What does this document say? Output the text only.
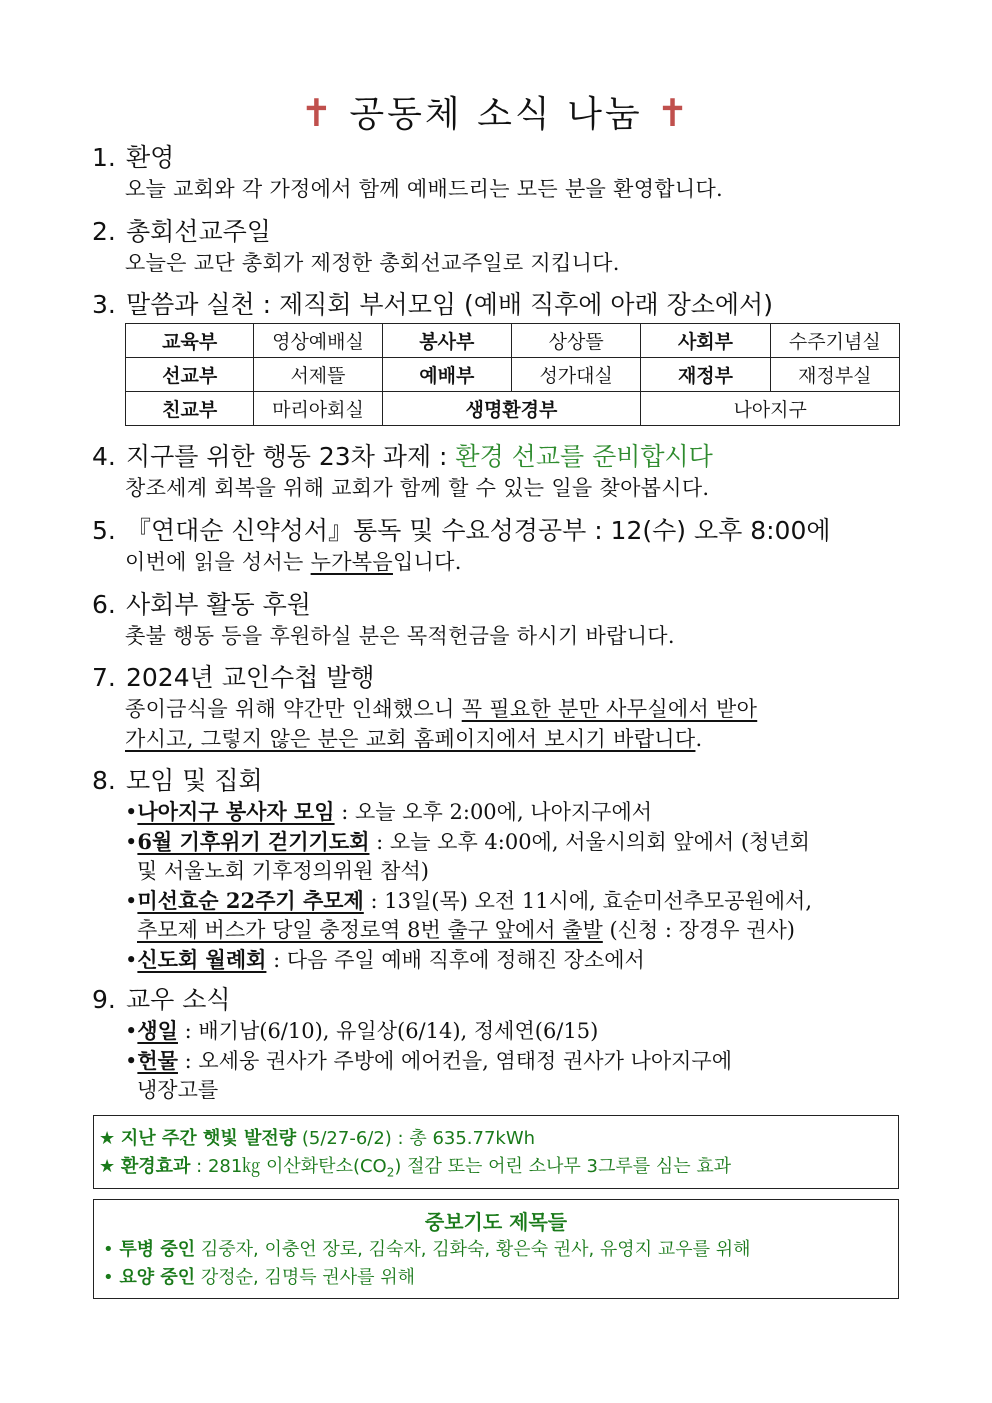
✝ 공동체 소식 나눔 ✝
1. 환영
오늘 교회와 각 가정에서 함께 예배드리는 모든 분을 환영합니다.
2. 총회선교주일
오늘은 교단 총회가 제정한 총회선교주일로 지킵니다.
3. 말씀과 실천 : 제직회 부서모임 (예배 직후에 아래 장소에서)
교육부	영상예배실	봉사부	상상뜰	사회부	수주기념실
선교부	서제뜰	예배부	성가대실	재정부	재정부실
친교부	마리아회실	생명환경부		나아지구	
4. 지구를 위한 행동 23차 과제 : 환경 선교를 준비합시다
창조세계 회복을 위해 교회가 함께 할 수 있는 일을 찾아봅시다.
5. 『연대순 신약성서』통독 및 수요성경공부 : 12(수) 오후 8:00에
이번에 읽을 성서는 누가복음입니다.
6. 사회부 활동 후원
촛불 행동 등을 후원하실 분은 목적헌금을 하시기 바랍니다.
7. 2024년 교인수첩 발행
종이금식을 위해 약간만 인쇄했으니 꼭 필요한 분만 사무실에서 받아
가시고, 그렇지 않은 분은 교회 홈페이지에서 보시기 바랍니다.
8. 모임 및 집회
•나아지구 봉사자 모임 : 오늘 오후 2:00에, 나아지구에서
•6월 기후위기 걷기기도회 : 오늘 오후 4:00에, 서울시의회 앞에서 (청년회
및 서울노회 기후정의위원 참석)
•미선효순 22주기 추모제 : 13일(목) 오전 11시에, 효순미선추모공원에서,
추모제 버스가 당일 충정로역 8번 출구 앞에서 출발 (신청 : 장경우 권사)
•신도회 월례회 : 다음 주일 예배 직후에 정해진 장소에서
9. 교우 소식
•생일 : 배기남(6/10), 유일상(6/14), 정세연(6/15)
•헌물 : 오세웅 권사가 주방에 에어컨을, 염태정 권사가 나아지구에
냉장고를
★ 지난 주간 햇빛 발전량 (5/27-6/2) : 총 635.77kWh
★ 환경효과 : 281㎏ 이산화탄소$(CO_2)$ 절감 또는 어린 소나무 3그루를 심는 효과
중보기도 제목들
• 투병 중인 김중자, 이충언 장로, 김숙자, 김화숙, 황은숙 권사, 유영지 교우를 위해
• 요양 중인 강정순, 김명득 권사를 위해
